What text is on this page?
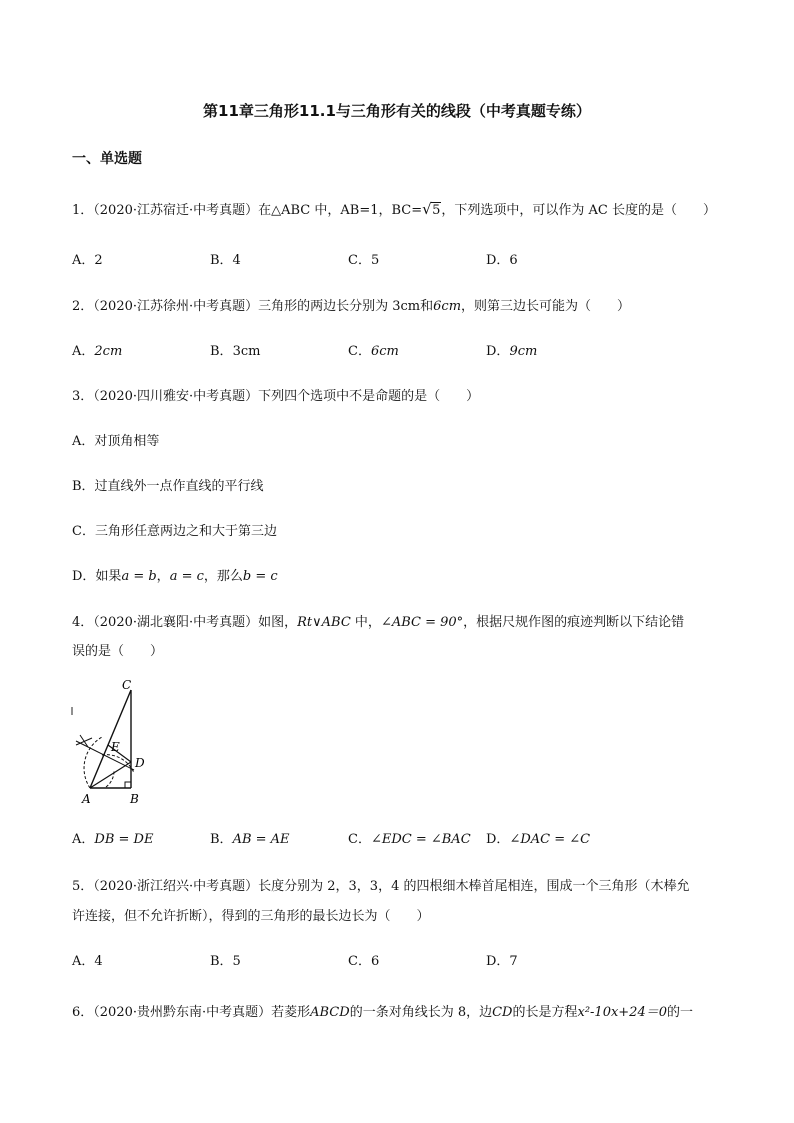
第11章三角形11.1与三角形有关的线段（中考真题专练）
一、单选题
1．（2020·江苏宿迁·中考真题）在△ABC 中，AB=1，BC= √ 5，下列选项中，可以作为 AC 长度的是（　　）
A．2	B．4	C．5	D．6
2．（2020·江苏徐州·中考真题）三角形的两边长分别为 3cm和6cm，则第三边长可能为（　　）
A．2cm	B．3cm	C．6cm	D．9cm
3．（2020·四川雅安·中考真题）下列四个选项中不是命题的是（　　）
A．对顶角相等
B．过直线外一点作直线的平行线
C．三角形任意两边之和大于第三边
D．如果a = b，a = c，那么b = c
4．（2020·湖北襄阳·中考真题）如图，Rt∨ABC 中，∠ABC = 90°，根据尺规作图的痕迹判断以下结论错
误的是（　　）
C
E
D
A	B
A．DB = DE	B．AB = AE	C．∠EDC = ∠BAC D．∠DAC = ∠C
5．（2020·浙江绍兴·中考真题）长度分别为 2，3，3，4 的四根细木棒首尾相连，围成一个三角形（木棒允
许连接，但不允许折断），得到的三角形的最长边长为（　　）
A．4	B．5	C．6	D．7
6．（2020·贵州黔东南·中考真题）若菱形ABCD的一条对角线长为 8，边CD的长是方程x²-10x+24＝0的一
